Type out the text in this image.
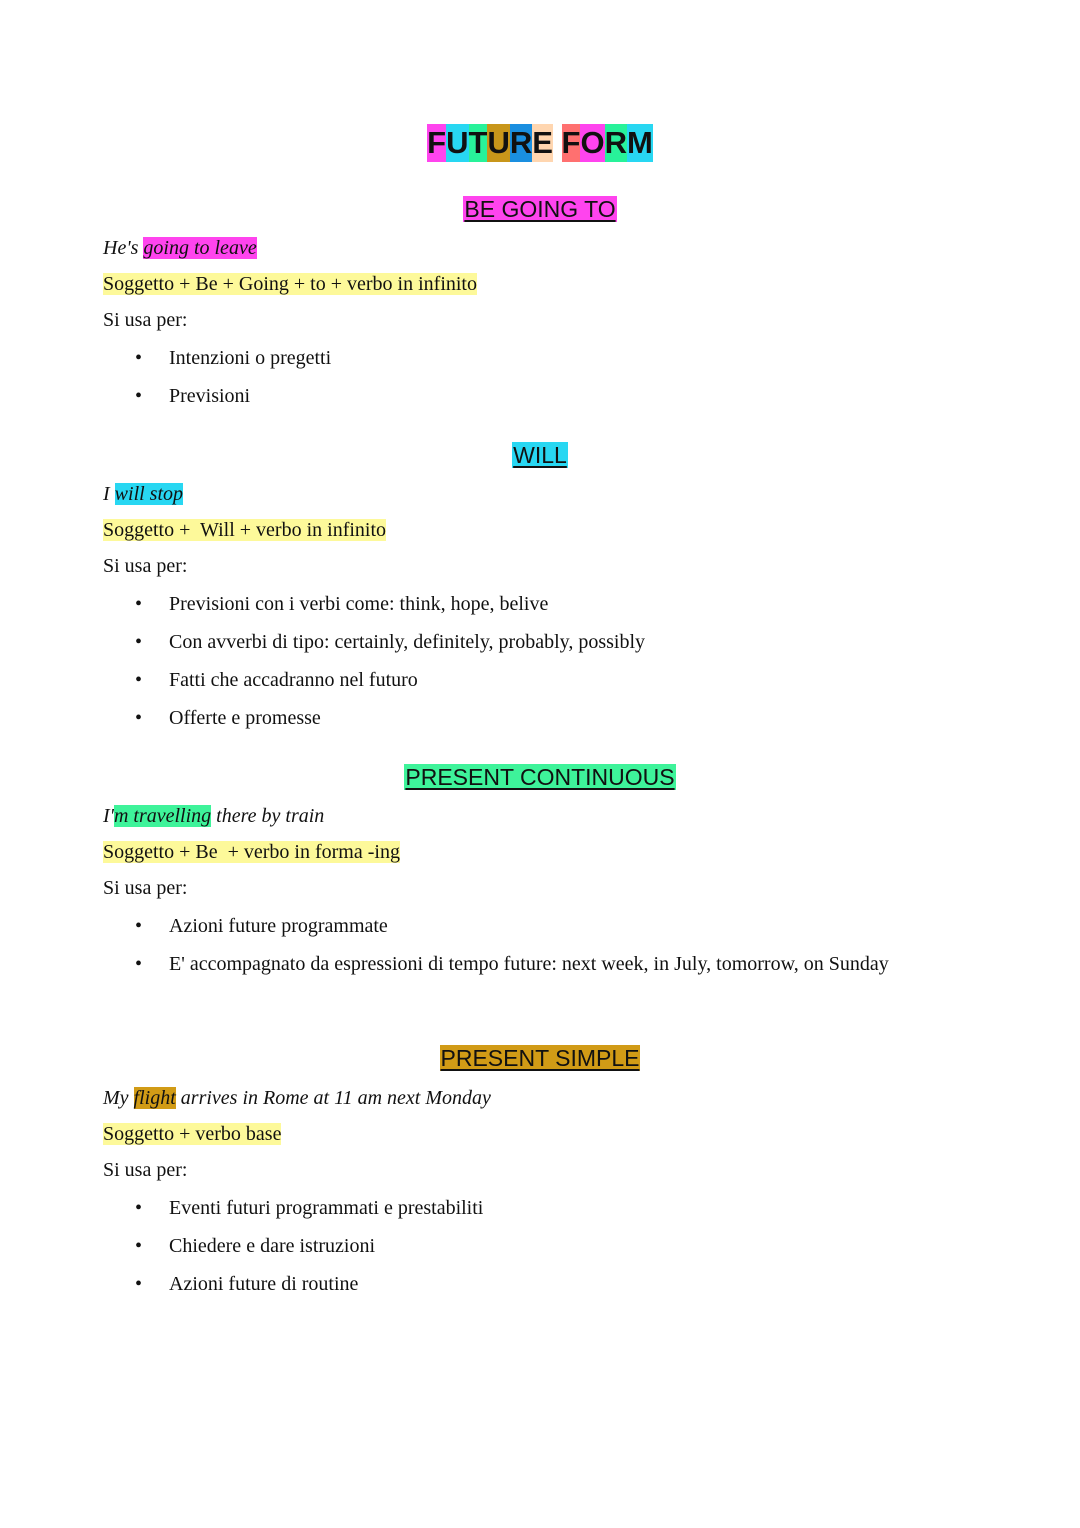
FUTURE FORM
BE GOING TO
He's going to leave
Soggetto + Be + Going + to + verbo in infinito
Si usa per:
• Intenzioni o pregetti
• Previsioni
WILL
I will stop
Soggetto +  Will + verbo in infinito
Si usa per:
• Previsioni con i verbi come: think, hope, belive
• Con avverbi di tipo: certainly, definitely, probably, possibly
• Fatti che accadranno nel futuro
• Offerte e promesse
PRESENT CONTINUOUS
I'm travelling there by train
Soggetto + Be  + verbo in forma -ing
Si usa per:
• Azioni future programmate
• E' accompagnato da espressioni di tempo future: next week, in July, tomorrow, on Sunday
PRESENT SIMPLE
My flight arrives in Rome at 11 am next Monday
Soggetto + verbo base
Si usa per:
• Eventi futuri programmati e prestabiliti
• Chiedere e dare istruzioni
• Azioni future di routine
